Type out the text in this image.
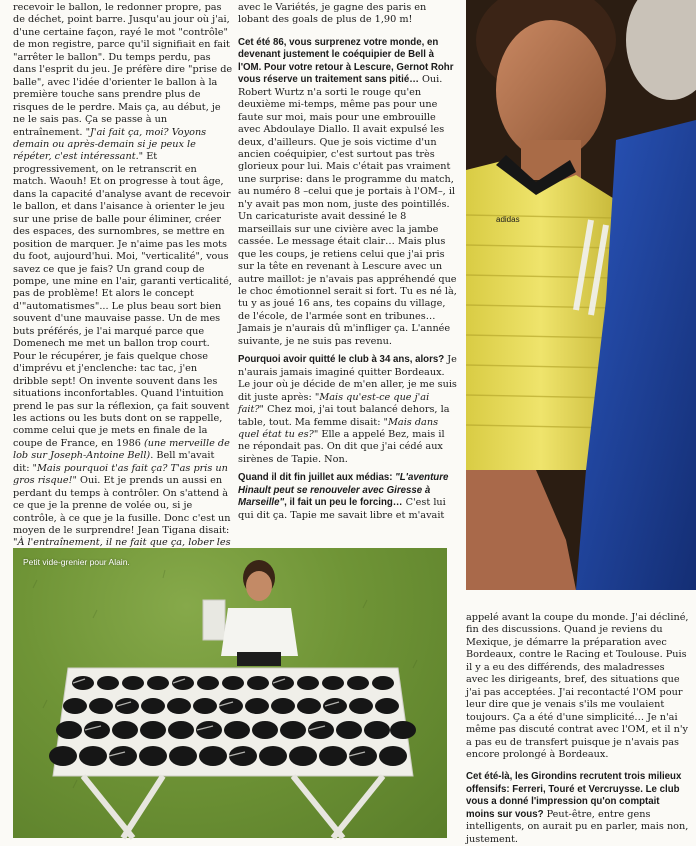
recevoir le ballon, le redonner propre, pas de déchet, point barre. Jusqu'au jour où j'ai, d'une certaine façon, rayé le mot "contrôle" de mon registre, parce qu'il signifiait en fait "arrêter le ballon". Du temps perdu, pas dans l'esprit du jeu. Je préfère dire "prise de balle", avec l'idée d'orienter le ballon à la première touche sans prendre plus de risques de le perdre. Mais ça, au début, je ne le sais pas. Ça se passe à un entraînement. "J'ai fait ça, moi? Voyons demain ou après-demain si je peux le répéter, c'est intéressant." Et progressivement, on le retranscrit en match. Waouh! Et on progresse à tout âge, dans la capacité d'analyse avant de recevoir le ballon, et dans l'aisance à orienter le jeu sur une prise de balle pour éliminer, créer des espaces, des surnombres, se mettre en position de marquer. Je n'aime pas les mots du foot, aujourd'hui. Moi, "verticalité", vous savez ce que je fais? Un grand coup de pompe, une mine en l'air, garanti verticalité, pas de problème! Et alors le concept d'"automatismes"... Le plus beau sort bien souvent d'une mauvaise passe. Un de mes buts préférés, je l'ai marqué parce que Domenech me met un ballon trop court. Pour le récupérer, je fais quelque chose d'imprévu et j'enclenche: tac tac, j'en dribble sept! On invente souvent dans les situations inconfortables. Quand l'intuition prend le pas sur la réflexion, ça fait souvent les actions ou les buts dont on se rappelle, comme celui que je mets en finale de la coupe de France, en 1986 (une merveille de lob sur Joseph-Antoine Bell). Bell m'avait dit: "Mais pourquoi t'as fait ça? T'as pris un gros risque!" Oui. Et je prends un aussi en perdant du temps à contrôler. On s'attend à ce que je la prenne de volée ou, si je contrôle, à ce que je la fusille. Donc c'est un moyen de le surprendre! Jean Tigana disait: "À l'entraînement, il ne fait que ça, lober les

avec le Variétés, je gagne des paris en lobant des goals de plus de 1,90 m!

Cet été 86, vous surprenez votre monde, en devenant justement le coéquipier de Bell à l'OM. Pour votre retour à Lescure, Gernot Rohr vous réserve un traitement sans pitié… Oui. Robert Wurtz n'a sorti le rouge qu'en deuxième mi-temps, même pas pour une faute sur moi, mais pour une embrouille avec Abdoulaye Diallo. Il avait expulsé les deux, d'ailleurs. Que je sois victime d'un ancien coéquipier, c'est surtout pas très glorieux pour lui. Mais c'était pas vraiment une surprise: dans le programme du match, au numéro 8 –celui que je portais à l'OM–, il n'y avait pas mon nom, juste des pointillés. Un caricaturiste avait dessiné le 8 marseillais sur une civière avec la jambe cassée. Le message était clair… Mais plus que les coups, je retiens celui que j'ai pris sur la tête en revenant à Lescure avec un autre maillot: je n'avais pas appréhendé que le choc émotionnel serait si fort. Tu es né là, tu y as joué 16 ans, tes copains du village, de l'école, de l'armée sont en tribunes… Jamais je n'aurais dû m'infliger ça. L'année suivante, je ne suis pas revenu.

Pourquoi avoir quitté le club à 34 ans, alors? Je n'aurais jamais imaginé quitter Bordeaux. Le jour où je décide de m'en aller, je me suis dit juste après: "Mais qu'est-ce que j'ai fait?" Chez moi, j'ai tout balancé dehors, la table, tout. Ma femme disait: "Mais dans quel état tu es?" Elle a appelé Bez, mais il ne répondait pas. On dit que j'ai cédé aux sirènes de Tapie. Non.

Quand il dit fin juillet aux médias: "L'aventure Hinault peut se renouveler avec Giresse à Marseille", il fait un peu le forcing… C'est lui qui dit ça. Tapie me savait libre et m'avait

adidas

Petit vide-grenier pour Alain.

appelé avant la coupe du monde. J'ai décliné, fin des discussions. Quand je reviens du Mexique, je démarre la préparation avec Bordeaux, contre le Racing et Toulouse. Puis il y a eu des différends, des maladresses avec les dirigeants, bref, des situations que j'ai pas acceptées. J'ai recontacté l'OM pour leur dire que je venais s'ils me voulaient toujours. Ça a été d'une simplicité… Je n'ai même pas discuté contrat avec l'OM, et il n'y a pas eu de transfert puisque je n'avais pas encore prolongé à Bordeaux.

Cet été-là, les Girondins recrutent trois milieux offensifs: Ferreri, Touré et Vercruysse. Le club vous a donné l'impression qu'on comptait moins sur vous? Peut-être, entre gens intelligents, on aurait pu en parler, mais non, justement.
